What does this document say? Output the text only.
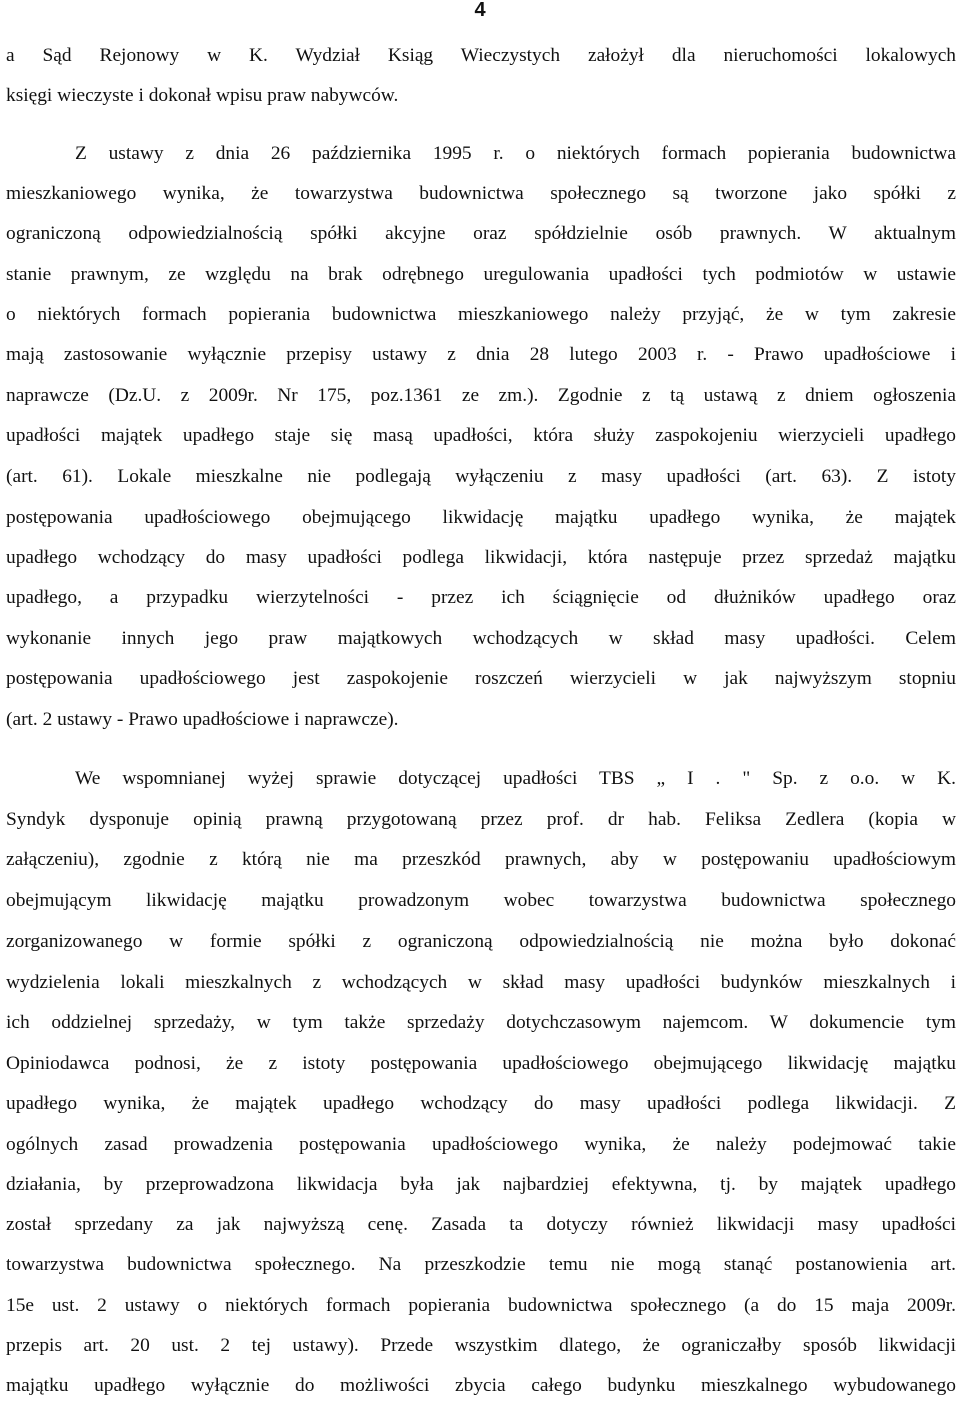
4
a Sąd Rejonowy w K. Wydział Ksiąg Wieczystych założył dla nieruchomości lokalowych
księgi wieczyste i dokonał wpisu praw nabywców.
Z ustawy z dnia 26 października 1995 r. o niektórych formach popierania budownictwa
mieszkaniowego wynika, że towarzystwa budownictwa społecznego są tworzone jako spółki z
ograniczoną odpowiedzialnością spółki akcyjne oraz spółdzielnie osób prawnych. W aktualnym
stanie prawnym, ze względu na brak odrębnego uregulowania upadłości tych podmiotów w ustawie
o niektórych formach popierania budownictwa mieszkaniowego należy przyjąć, że w tym zakresie
mają zastosowanie wyłącznie przepisy ustawy z dnia 28 lutego 2003 r. - Prawo upadłościowe i
naprawcze (Dz.U. z 2009r. Nr 175, poz.1361 ze zm.). Zgodnie z tą ustawą z dniem ogłoszenia
upadłości majątek upadłego staje się masą upadłości, która służy zaspokojeniu wierzycieli upadłego
(art. 61). Lokale mieszkalne nie podlegają wyłączeniu z masy upadłości (art. 63). Z istoty
postępowania upadłościowego obejmującego likwidację majątku upadłego wynika, że majątek
upadłego wchodzący do masy upadłości podlega likwidacji, która następuje przez sprzedaż majątku
upadłego, a przypadku wierzytelności - przez ich ściągnięcie od dłużników upadłego oraz
wykonanie innych jego praw majątkowych wchodzących w skład masy upadłości. Celem
postępowania upadłościowego jest zaspokojenie roszczeń wierzycieli w jak najwyższym stopniu
(art. 2 ustawy - Prawo upadłościowe i naprawcze).
We wspomnianej wyżej sprawie dotyczącej upadłości TBS „ I . " Sp. z o.o. w K.
Syndyk dysponuje opinią prawną przygotowaną przez prof. dr hab. Feliksa Zedlera (kopia w
załączeniu), zgodnie z którą nie ma przeszkód prawnych, aby w postępowaniu upadłościowym
obejmującym likwidację majątku prowadzonym wobec towarzystwa budownictwa społecznego
zorganizowanego w formie spółki z ograniczoną odpowiedzialnością nie można było dokonać
wydzielenia lokali mieszkalnych z wchodzących w skład masy upadłości budynków mieszkalnych i
ich oddzielnej sprzedaży, w tym także sprzedaży dotychczasowym najemcom. W dokumencie tym
Opiniodawca podnosi, że z istoty postępowania upadłościowego obejmującego likwidację majątku
upadłego wynika, że majątek upadłego wchodzący do masy upadłości podlega likwidacji. Z
ogólnych zasad prowadzenia postępowania upadłościowego wynika, że należy podejmować takie
działania, by przeprowadzona likwidacja była jak najbardziej efektywna, tj. by majątek upadłego
został sprzedany za jak najwyższą cenę. Zasada ta dotyczy również likwidacji masy upadłości
towarzystwa budownictwa społecznego. Na przeszkodzie temu nie mogą stanąć postanowienia art.
15e ust. 2 ustawy o niektórych formach popierania budownictwa społecznego (a do 15 maja 2009r.
przepis art. 20 ust. 2 tej ustawy). Przede wszystkim dlatego, że ograniczałby sposób likwidacji
majątku upadłego wyłącznie do możliwości zbycia całego budynku mieszkalnego wybudowanego
